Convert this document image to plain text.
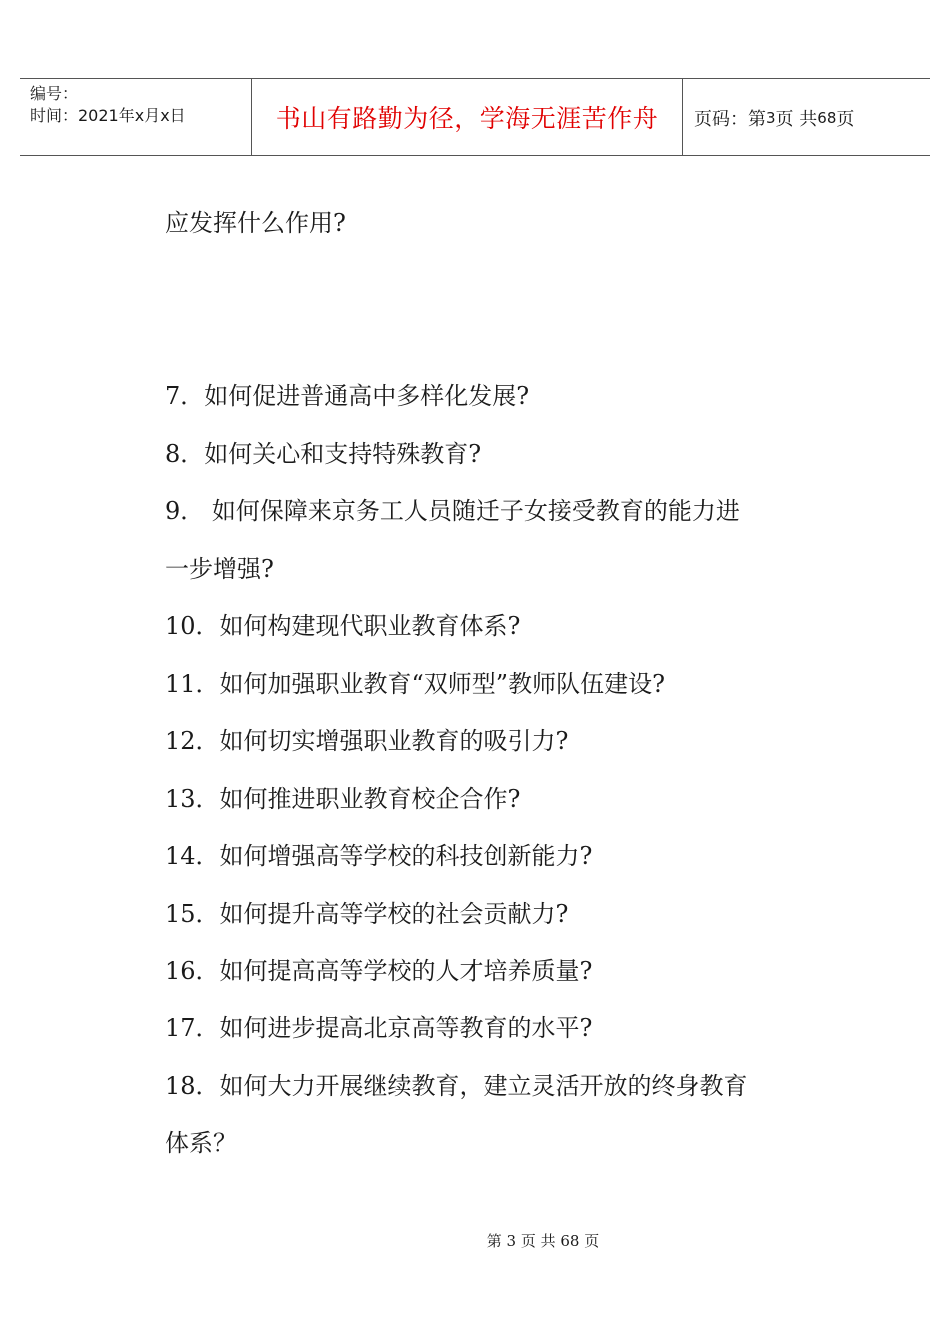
编号：
时间：2021年x月x日	书山有路勤为径，学海无涯苦作舟	页码：第 3 页 共 68 页
应发挥什么作用?
7．如何促进普通高中多样化发展?
8．如何关心和支持特殊教育?
9． 如何保障来京务工人员随迁子女接受教育的能力进
一步增强?
10．如何构建现代职业教育体系?
11．如何加强职业教育“双师型”教师队伍建设?
12．如何切实增强职业教育的吸引力?
13．如何推进职业教育校企合作?
14．如何增强高等学校的科技创新能力?
15．如何提升高等学校的社会贡献力?
16．如何提高高等学校的人才培养质量?
17．如何进步提高北京高等教育的水平?
18．如何大力开展继续教育，建立灵活开放的终身教育
体系？
第 3 页 共 68 页
